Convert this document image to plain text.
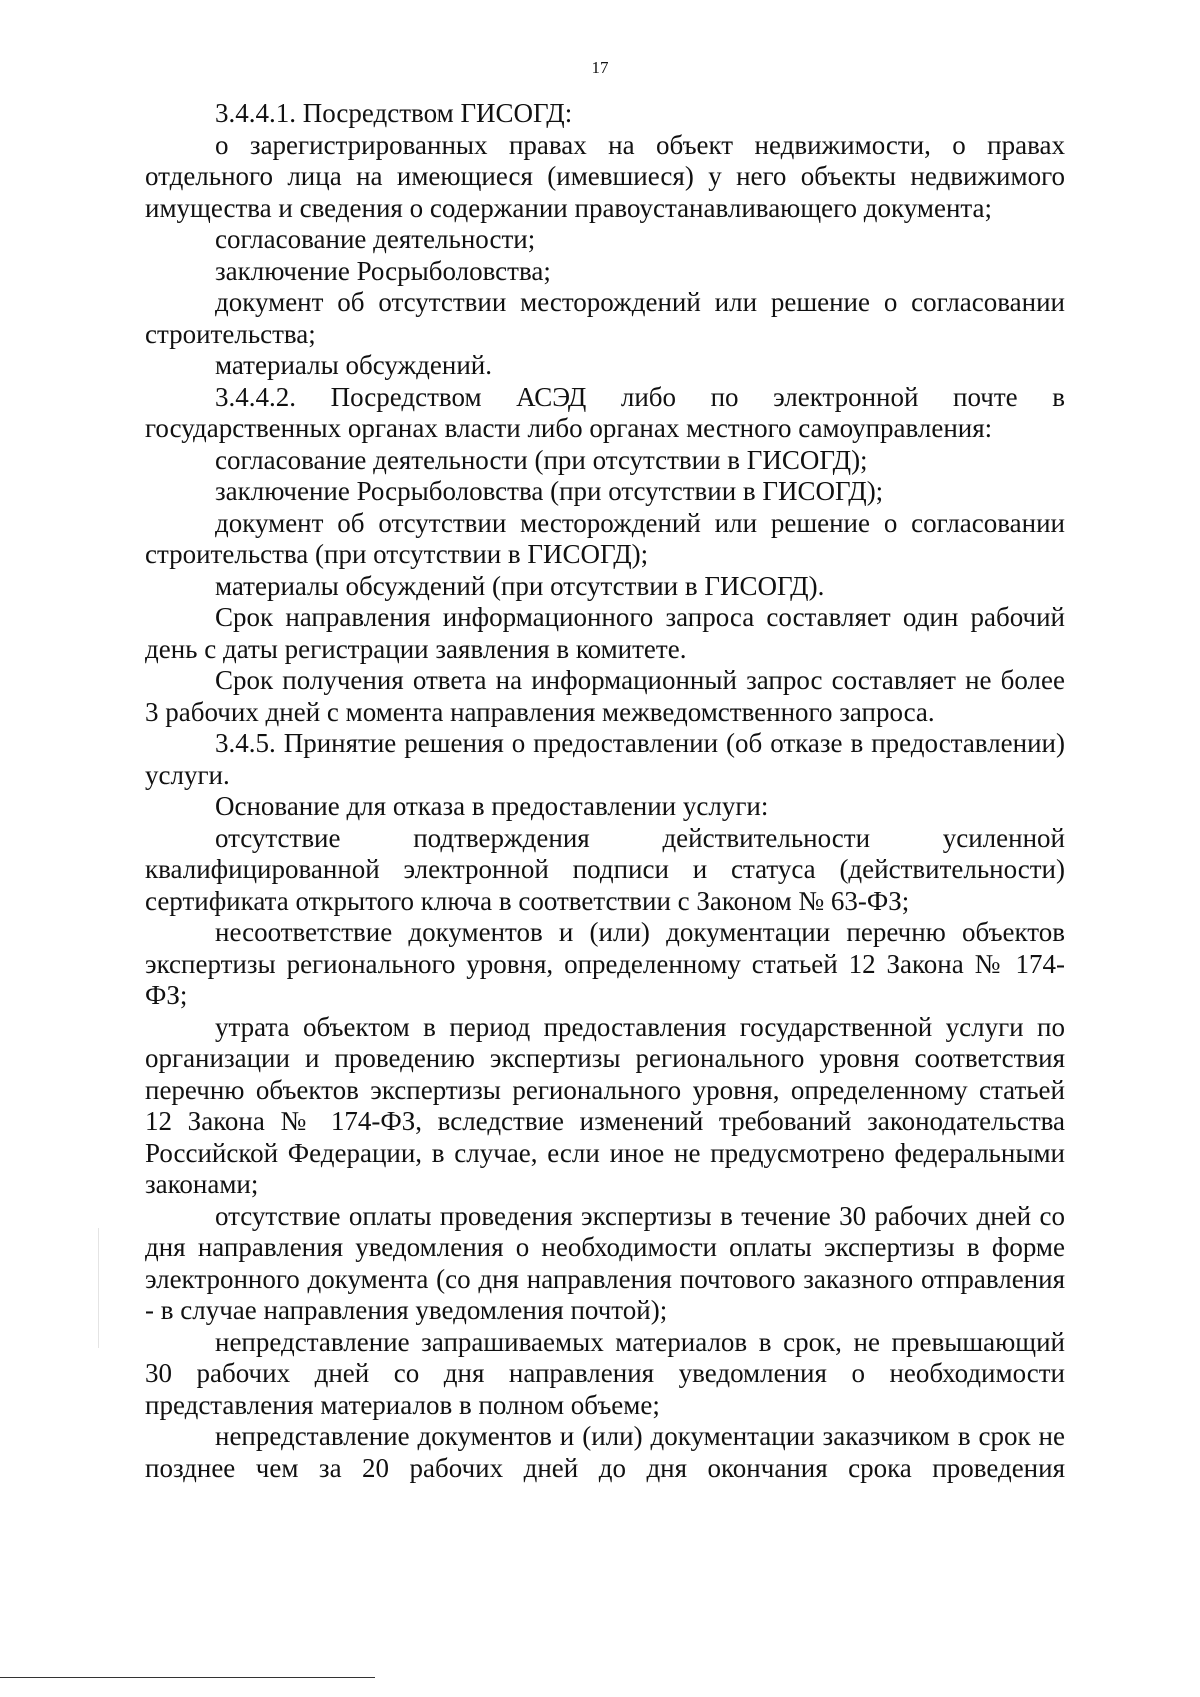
17

3.4.4.1. Посредством ГИСОГД:

о зарегистрированных правах на объект недвижимости, о правах отдельного лица на имеющиеся (имевшиеся) у него объекты недвижимого имущества и сведения о содержании правоустанавливающего документа;

согласование деятельности;

заключение Росрыболовства;

документ об отсутствии месторождений или решение о согласовании строительства;

материалы обсуждений.

3.4.4.2. Посредством АСЭД либо по электронной почте в государственных органах власти либо органах местного самоуправления:

согласование деятельности (при отсутствии в ГИСОГД);

заключение Росрыболовства (при отсутствии в ГИСОГД);

документ об отсутствии месторождений или решение о согласовании строительства (при отсутствии в ГИСОГД);

материалы обсуждений (при отсутствии в ГИСОГД).

Срок направления информационного запроса составляет один рабочий день с даты регистрации заявления в комитете.

Срок получения ответа на информационный запрос составляет не более 3 рабочих дней с момента направления межведомственного запроса.

3.4.5. Принятие решения о предоставлении (об отказе в предоставлении) услуги.

Основание для отказа в предоставлении услуги:

отсутствие подтверждения действительности усиленной квалифицированной электронной подписи и статуса (действительности) сертификата открытого ключа в соответствии с Законом № 63-ФЗ;

несоответствие документов и (или) документации перечню объектов экспертизы регионального уровня, определенному статьей 12 Закона № 174-ФЗ;

утрата объектом в период предоставления государственной услуги по организации и проведению экспертизы регионального уровня соответствия перечню объектов экспертизы регионального уровня, определенному статьей 12 Закона № 174-ФЗ, вследствие изменений требований законодательства Российской Федерации, в случае, если иное не предусмотрено федеральными законами;

отсутствие оплаты проведения экспертизы в течение 30 рабочих дней со дня направления уведомления о необходимости оплаты экспертизы в форме электронного документа (со дня направления почтового заказного отправления - в случае направления уведомления почтой);

непредставление запрашиваемых материалов в срок, не превышающий 30 рабочих дней со дня направления уведомления о необходимости представления материалов в полном объеме;

непредставление документов и (или) документации заказчиком в срок не позднее чем за 20 рабочих дней до дня окончания срока проведения
